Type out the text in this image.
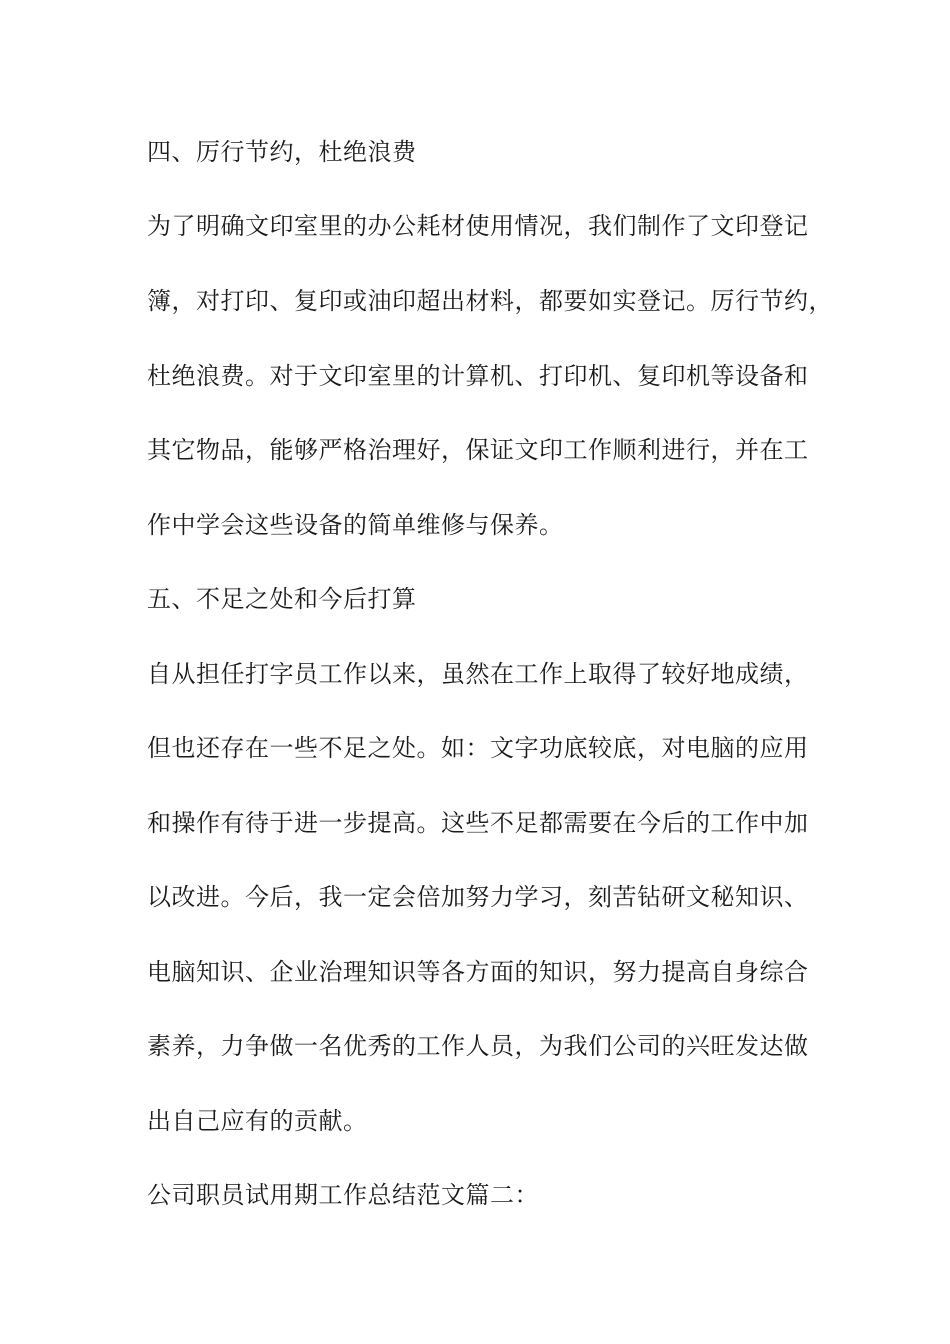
四、厉行节约，杜绝浪费
为了明确文印室里的办公耗材使用情况，我们制作了文印登记
簿，对打印、复印或油印超出材料，都要如实登记。厉行节约，
杜绝浪费。对于文印室里的计算机、打印机、复印机等设备和
其它物品，能够严格治理好，保证文印工作顺利进行，并在工
作中学会这些设备的简单维修与保养。
五、不足之处和今后打算
自从担任打字员工作以来，虽然在工作上取得了较好地成绩，
但也还存在一些不足之处。如：文字功底较底，对电脑的应用
和操作有待于进一步提高。这些不足都需要在今后的工作中加
以改进。今后，我一定会倍加努力学习，刻苦钻研文秘知识、
电脑知识、企业治理知识等各方面的知识，努力提高自身综合
素养，力争做一名优秀的工作人员，为我们公司的兴旺发达做
出自己应有的贡献。
公司职员试用期工作总结范文篇二：
